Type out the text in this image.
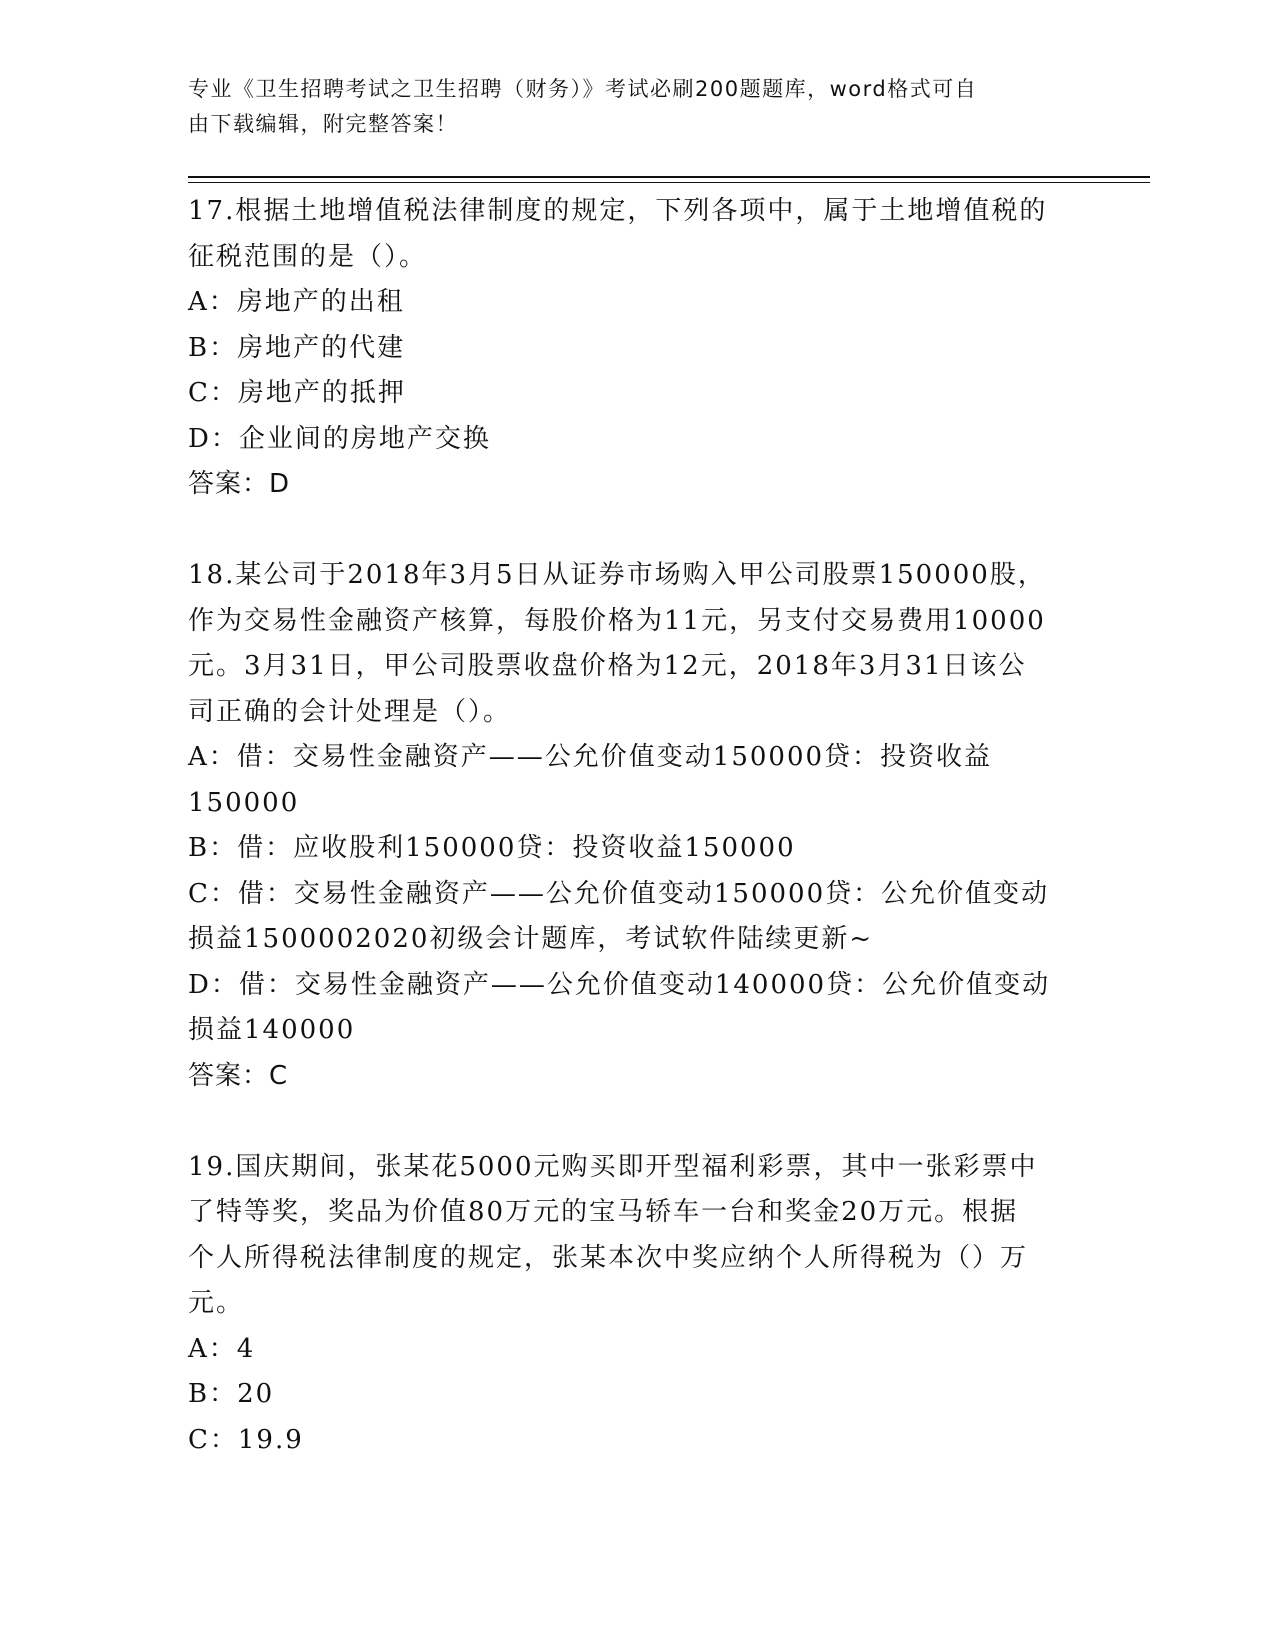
专业《卫生招聘考试之卫生招聘（财务）》考试必刷200题题库，word格式可自
由下载编辑，附完整答案！
17.根据土地增值税法律制度的规定，下列各项中，属于土地增值税的
征税范围的是（）。
A：房地产的出租
B：房地产的代建
C：房地产的抵押
D：企业间的房地产交换
答案：D
18.某公司于2018年3月5日从证券市场购入甲公司股票150000股，
作为交易性金融资产核算，每股价格为11元，另支付交易费用10000
元。3月31日，甲公司股票收盘价格为12元，2018年3月31日该公
司正确的会计处理是（）。
A：借：交易性金融资产——公允价值变动150000贷：投资收益
150000
B：借：应收股利150000贷：投资收益150000
C：借：交易性金融资产——公允价值变动150000贷：公允价值变动
损益1500002020初级会计题库，考试软件陆续更新~
D：借：交易性金融资产——公允价值变动140000贷：公允价值变动
损益140000
答案：C
19.国庆期间，张某花5000元购买即开型福利彩票，其中一张彩票中
了特等奖，奖品为价值80万元的宝马轿车一台和奖金20万元。根据
个人所得税法律制度的规定，张某本次中奖应纳个人所得税为（）万
元。
A：4
B：20
C：19.9
